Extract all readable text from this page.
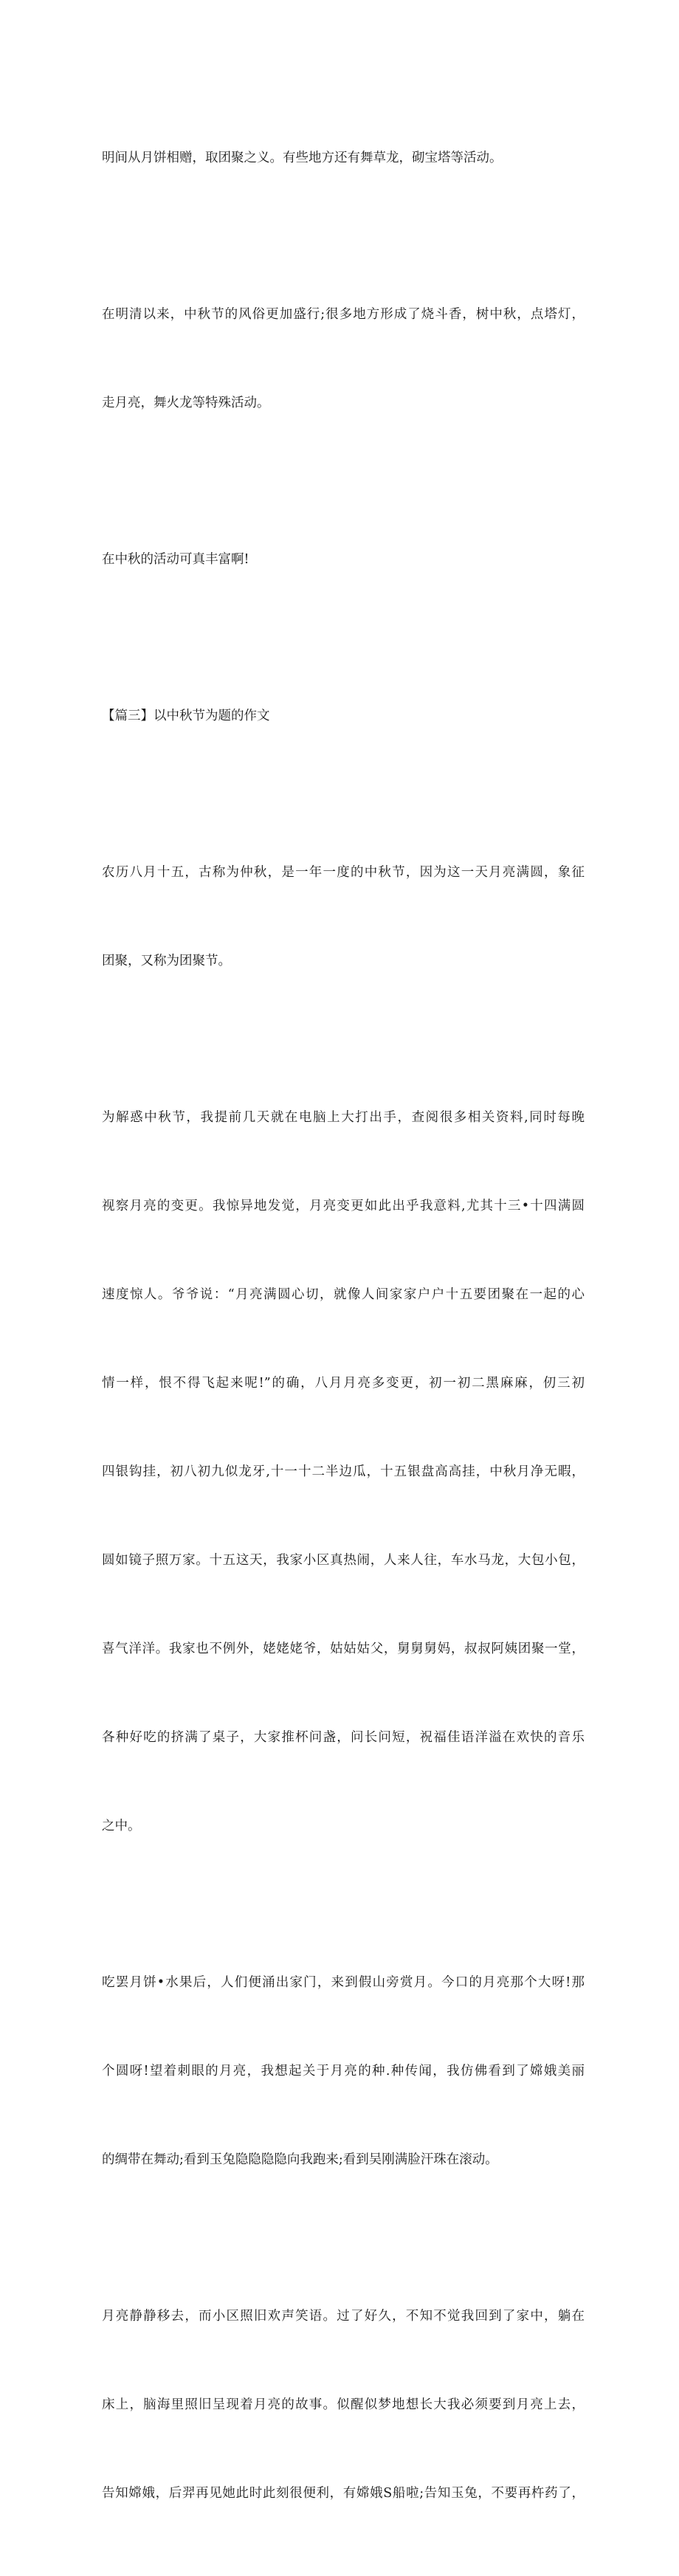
明间从月饼相赠，取团聚之义。有些地方还有舞草龙，砌宝塔等活动。

在明清以来，中秋节的风俗更加盛行;很多地方形成了烧斗香，树中秋，点塔灯，

走月亮，舞火龙等特殊活动。

在中秋的活动可真丰富啊!

【篇三】以中秋节为题的作文

农历八月十五，古称为仲秋，是一年一度的中秋节，因为这一天月亮满圆，象征

团聚，又称为团聚节。

为解惑中秋节，我提前几天就在电脑上大打出手，查阅很多相关资料,同时每晚

视察月亮的变更。我惊异地发觉，月亮变更如此出乎我意料,尤其十三•十四满圆

速度惊人。爷爷说：“月亮满圆心切，就像人间家家户户十五要团聚在一起的心

情一样，恨不得飞起来呢!”的确，八月月亮多变更，初一初二黑麻麻，仞三初

四银钩挂，初八初九似龙牙,十一十二半边瓜，十五银盘高高挂，中秋月净无暇，

圆如镜子照万家。十五这天，我家小区真热闹，人来人往，车水马龙，大包小包，

喜气洋洋。我家也不例外，姥姥姥爷，姑姑姑父，舅舅舅妈，叔叔阿姨团聚一堂，

各种好吃的挤满了桌子，大家推杯问盏，问长问短，祝福佳语洋溢在欢快的音乐

之中。

吃罢月饼•水果后，人们便涌出家门，来到假山旁赏月。今口的月亮那个大呀!那

个圆呀!望着刺眼的月亮，我想起关于月亮的种.种传闻，我仿佛看到了嫦娥美丽

的绸带在舞动;看到玉兔隐隐隐隐向我跑来;看到吴刚满脸汗珠在滚动。

月亮静静移去，而小区照旧欢声笑语。过了好久，不知不觉我回到了家中，躺在

床上，脑海里照旧呈现着月亮的故事。似醒似梦地想长大我必须要到月亮上去，

告知嫦娥，后羿再见她此时此刻很便利，有嫦娥S船啦;告知玉兔，不要再杵药了，
